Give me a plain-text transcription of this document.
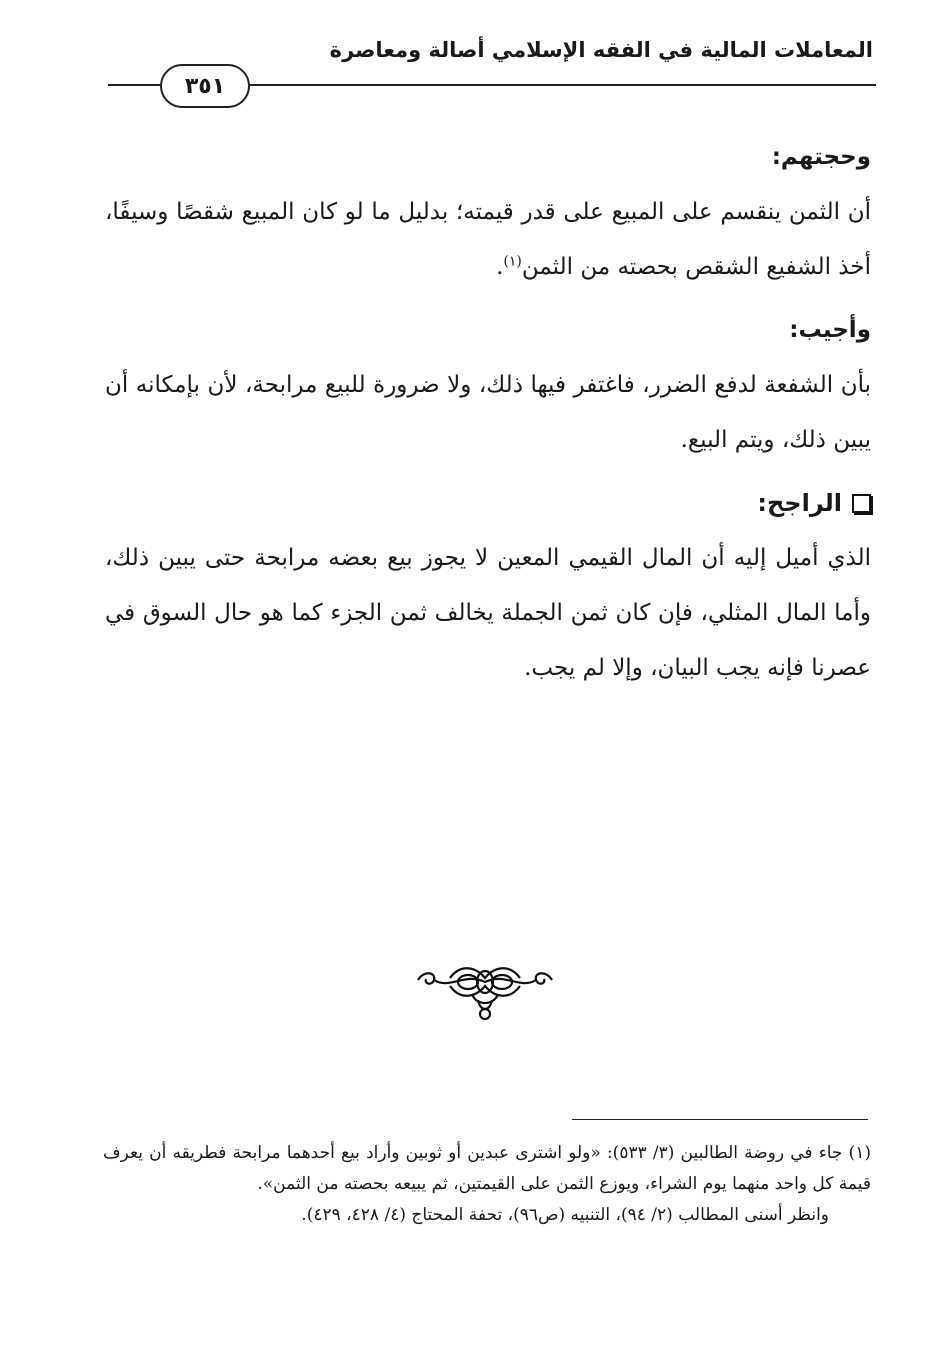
المعاملات المالية في الفقه الإسلامي أصالة ومعاصرة
٣٥١

وحجتهم:

أن الثمن ينقسم على المبيع على قدر قيمته؛ بدليل ما لو كان المبيع شقصًا وسيفًا، أخذ الشفيع الشقص بحصته من الثمن$^{(١)}$.

وأجيب:

بأن الشفعة لدفع الضرر، فاغتفر فيها ذلك، ولا ضرورة للبيع مرابحة، لأن بإمكانه أن يبين ذلك، ويتم البيع.

الراجح:

الذي أميل إليه أن المال القيمي المعين لا يجوز بيع بعضه مرابحة حتى يبين ذلك، وأما المال المثلي، فإن كان ثمن الجملة يخالف ثمن الجزء كما هو حال السوق في عصرنا فإنه يجب البيان، وإلا لم يجب.

(١) جاء في روضة الطالبين (٣/ ٥٣٣): «ولو اشترى عبدين أو ثوبين وأراد بيع أحدهما مرابحة فطريقه أن يعرف قيمة كل واحد منهما يوم الشراء، ويوزع الثمن على القيمتين، ثم يبيعه بحصته من الثمن».

وانظر أسنى المطالب (٢/ ٩٤)، التنبيه (ص٩٦)، تحفة المحتاج (٤/ ٤٢٨، ٤٢٩).
